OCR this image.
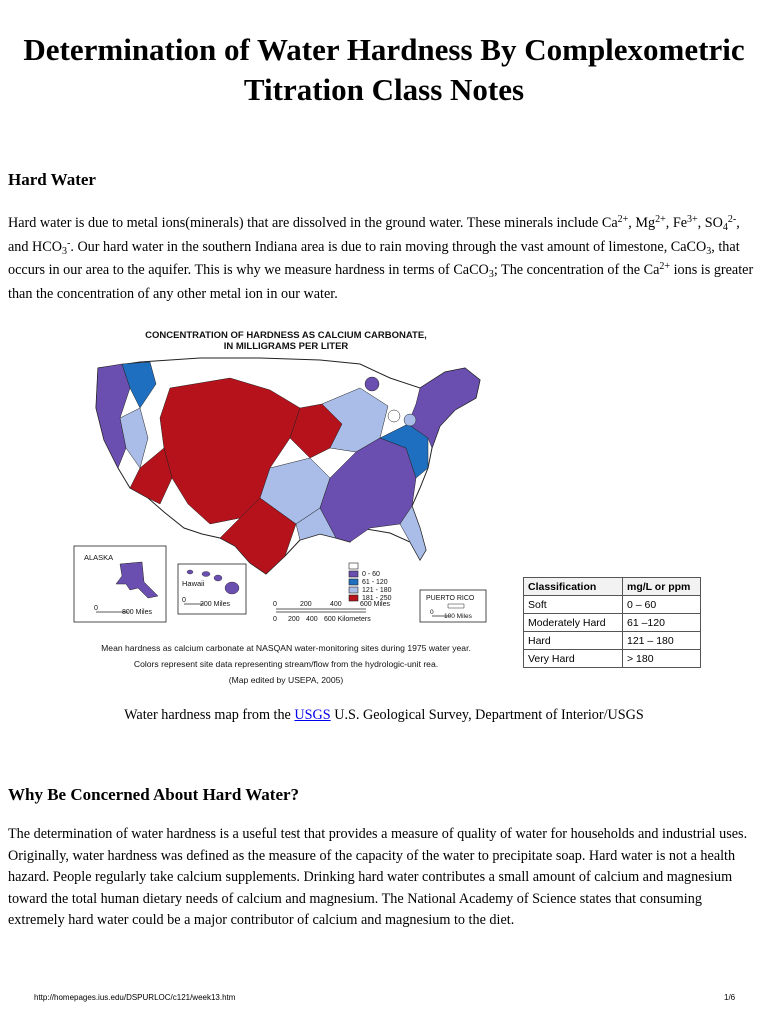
Determination of Water Hardness By Complexometric Titration Class Notes
Hard Water

Hard water is due to metal ions(minerals) that are dissolved in the ground water. These minerals include $Ca^{2+}$, $Mg^{2+}$, $Fe^{3+}$, $SO_4^{2-}$, and $HCO_3^-$. Our hard water in the southern Indiana area is due to rain moving through the vast amount of limestone, CaCO$_3$, that occurs in our area to the aquifer. This is why we measure hardness in terms of CaCO$_3$; The concentration of the $Ca^{2+}$ ions is greater than the concentration of any other metal ion in our water.

CONCENTRATION OF HARDNESS AS CALCIUM CARBONATE,
IN MILLIGRAMS PER LITER
ALASKA
0
800 Miles
Hawaii
0
200 Miles
0 - 60
61 - 120
121 - 180
181 - 250
0	200	400	600 Miles
0 200 400 600 Kilometers
PUERTO RICO
0
100 Miles
Mean hardness as calcium carbonate at NASQAN water-monitoring sites during 1975 water year.
Colors represent site data representing stream/flow from the hydrologic-unit rea.
(Map edited by USEPA, 2005)
Classification	mg/L or ppm
Soft	0 – 60
Moderately Hard	61 –120
Hard	121 – 180
Very Hard	> 180

Water hardness map from the USGS U.S. Geological Survey, Department of Interior/USGS

Why Be Concerned About Hard Water?

The determination of water hardness is a useful test that provides a measure of quality of water for households and industrial uses. Originally, water hardness was defined as the measure of the capacity of the water to precipitate soap. Hard water is not a health hazard. People regularly take calcium supplements. Drinking hard water contributes a small amount of calcium and magnesium toward the total human dietary needs of calcium and magnesium. The National Academy of Science states that consuming extremely hard water could be a major contributor of calcium and magnesium to the diet.

http://homepages.ius.edu/DSPURLOC/c121/week13.htm	1/6
